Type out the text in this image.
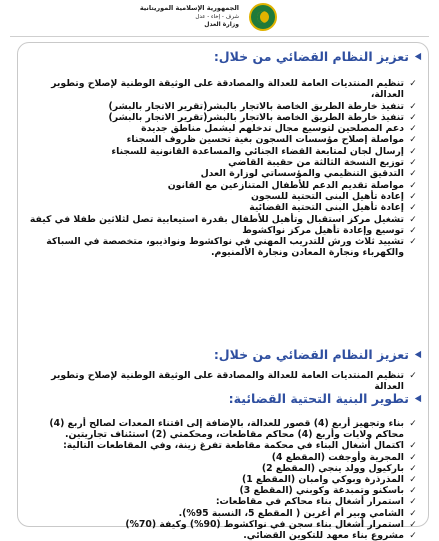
الجمهورية الإسلامية الموريتانية
شرف - إخاء - عدل
وزارة العدل
تعزيز النظام القضائي من خلال:
✓
تنظيم المنتديات العامة للعدالة والمصادقة على الوثيقة الوطنية لإصلاح وتطوير العدالة،
✓
تنفيذ خارطة الطريق الخاصة بالاتجار بالبشر(تقرير الاتجار بالبشر)
✓
تنفيذ خارطة الطريق الخاصة بالاتجار بالبشر(تقرير الاتجار بالبشر)
✓
دعم المصلحين لتوسيع مجال تدخلهم ليشمل مناطق جديدة
✓
مواصلة إصلاح مؤسسات السجون بغية تحسين ظروف السجناء
✓
إرسال لجان لمتابعة القضاء الجنائي والمساعدة القانونية للسجناء
✓
توزيع النسخة الثالثة من حقيبة القاضي
✓
التدقيق التنظيمي والمؤسساتي لوزارة العدل
✓
مواصلة تقديم الدعم للأطفال المتنازعين مع القانون
✓
إعادة تأهيل البنى التحتية للسجون
✓
إعادة تأهيل البنى التحتية القضائية
✓
تشغيل مركز استقبال وتأهيل للأطفال بقدرة استيعابية تصل لثلاثين طفلا في كيفة
✓
توسيع وإعادة تأهيل مركز نواكشوط
✓
تشييد ثلاث ورش للتدريب المهني في نواكشوط ونواذيبو، متخصصة في السباكة والكهرباء ونجارة المعادن ونجارة الألمنيوم.
تعزيز النظام القضائي من خلال:
✓
تنظيم المنتديات العامة للعدالة والمصادقة على الوثيقة الوطنية لإصلاح وتطوير العدالة
تطوير البنية التحتية القضائية:
✓
بناء وتجهيز أربع (4) قصور للعدالة، بالإضافة إلى اقتناء المعدات لصالح أربع (4) محاكم ولايات وأربع (4) محاكم مقاطعات، ومحكمتي (2) استئناف تجاريتين.
✓
اكتمال أشغال البناء في محكمة مقاطعة تفرغ زينة، وفي المقاطعات التالية:
✓
المجرية وأوجفت (المقطع 4)
✓
باركيول وولد ينجي (المقطع 2)
✓
المذرذرة وبوكي وامبان (المقطع 1)
✓
باسكنو وتمبدغة وكوبني (المقطع 3)
✓
استمرار أشغال بناء محاكم في مقاطعات:
✓
الشامي وبير أم أغرين ( المقطع 5، النسبة 95%).
✓
استمرار أشغال بناء سجن في نواكشوط (90%) وكيفة (70%)
✓
مشروع بناء معهد للتكوين القضائي.
